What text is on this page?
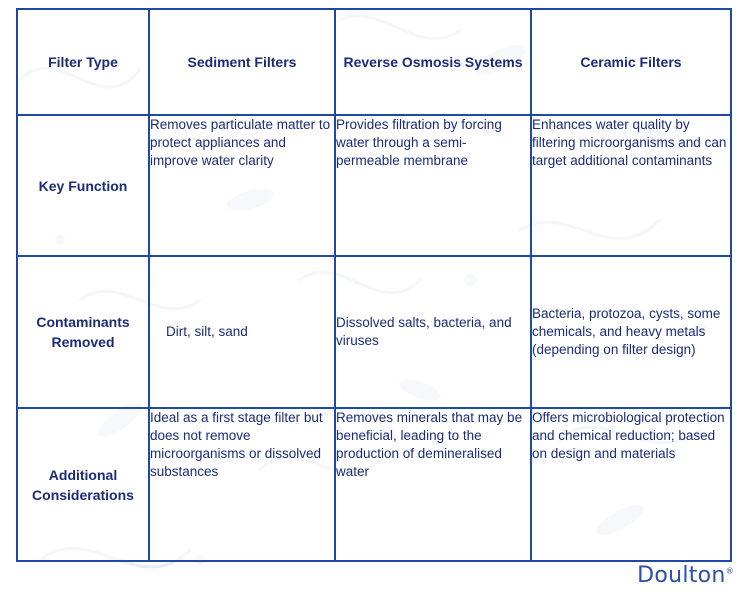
Filter Type	Sediment Filters	Reverse Osmosis Systems	Ceramic Filters
Key Function	Removes particulate matter to protect appliances and improve water clarity	Provides filtration by forcing water through a semi-permeable membrane	Enhances water quality by filtering microorganisms and can target additional contaminants
Contaminants Removed	Dirt, silt, sand	Dissolved salts, bacteria, and viruses	Bacteria, protozoa, cysts, some chemicals, and heavy metals (depending on filter design)
Additional Considerations	Ideal as a first stage filter but does not remove microorganisms or dissolved substances	Removes minerals that may be beneficial, leading to the production of demineralised water	Offers microbiological protection and chemical reduction; based on design and materials
Doulton®
